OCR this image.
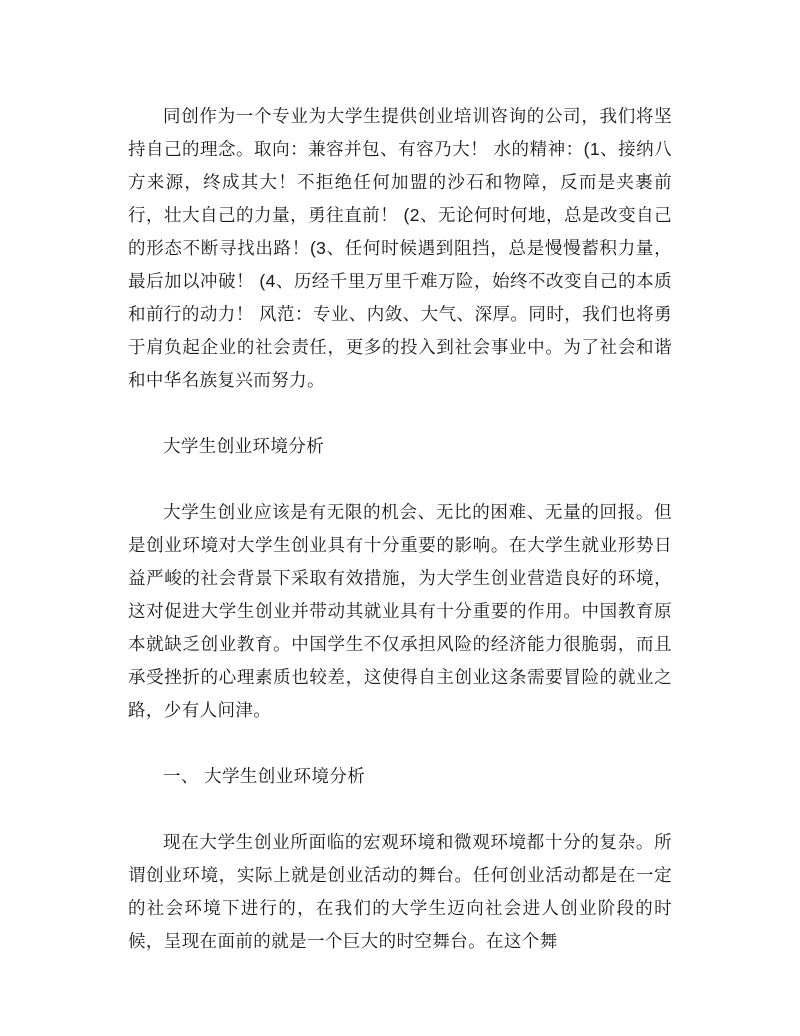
同创作为一个专业为大学生提供创业培训咨询的公司，我们将坚持自己的理念。取向：兼容并包、有容乃大！ 水的精神：(1、接纳八方来源，终成其大！不拒绝任何加盟的沙石和物障，反而是夹裹前行，壮大自己的力量，勇往直前！ (2、无论何时何地，总是改变自己的形态不断寻找出路！(3、任何时候遇到阻挡，总是慢慢蓄积力量，最后加以冲破！ (4、历经千里万里千难万险，始终不改变自己的本质和前行的动力！ 风范：专业、内敛、大气、深厚。同时，我们也将勇于肩负起企业的社会责任，更多的投入到社会事业中。为了社会和谐和中华名族复兴而努力。

大学生创业环境分析

大学生创业应该是有无限的机会、无比的困难、无量的回报。但是创业环境对大学生创业具有十分重要的影响。在大学生就业形势日益严峻的社会背景下采取有效措施，为大学生创业营造良好的环境，这对促进大学生创业并带动其就业具有十分重要的作用。中国教育原本就缺乏创业教育。中国学生不仅承担风险的经济能力很脆弱，而且承受挫折的心理素质也较差，这使得自主创业这条需要冒险的就业之路，少有人问津。

一、 大学生创业环境分析

现在大学生创业所面临的宏观环境和微观环境都十分的复杂。所谓创业环境，实际上就是创业活动的舞台。任何创业活动都是在一定的社会环境下进行的，在我们的大学生迈向社会进人创业阶段的时候，呈现在面前的就是一个巨大的时空舞台。在这个舞
